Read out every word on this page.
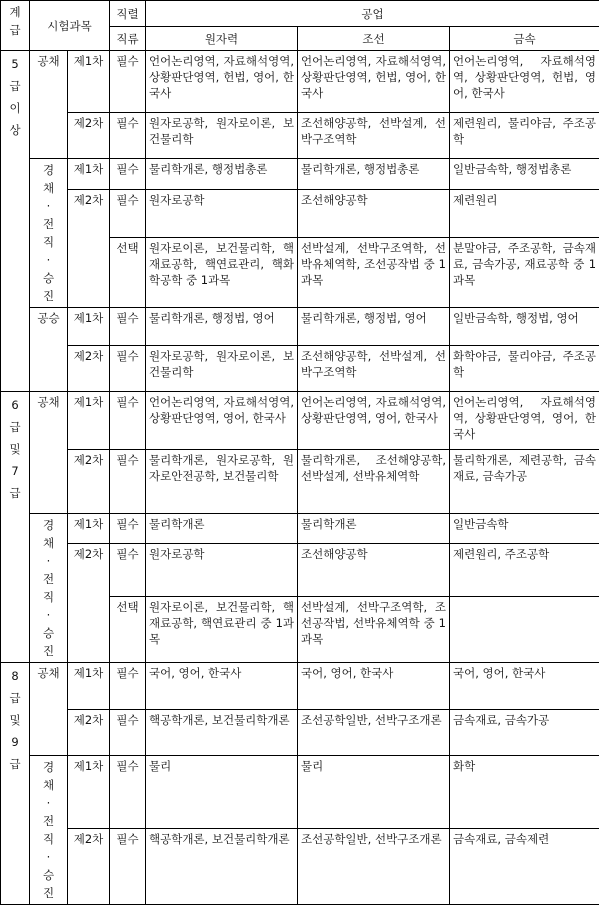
계급	시험과목		직렬	공업		
			직류	원자력	조선	금속
5급이상	공채	제1차	필수	언어논리영역, 자료해석영역, 상황판단영역, 헌법, 영어, 한국사	언어논리영역, 자료해석영역, 상황판단영역, 헌법, 영어, 한국사	언어논리영역, 자료해석영역, 상황판단영역, 헌법, 영어, 한국사
		제2차	필수	원자로공학, 원자로이론, 보건물리학	조선해양공학, 선박설계, 선박구조역학	제련원리, 물리야금, 주조공학
	경채·전직·승진	제1차	필수	물리학개론, 행정법총론	물리학개론, 행정법총론	일반금속학, 행정법총론
		제2차	필수	원자로공학	조선해양공학	제련원리
			선택	원자로이론, 보건물리학, 핵재료공학, 핵연료관리, 핵화학공학 중 1과목	선박설계, 선박구조역학, 선박유체역학, 조선공작법 중 1과목	분말야금, 주조공학, 금속재료, 금속가공, 재료공학 중 1과목
	공승	제1차	필수	물리학개론, 행정법, 영어	물리학개론, 행정법, 영어	일반금속학, 행정법, 영어
		제2차	필수	원자로공학, 원자로이론, 보건물리학	조선해양공학, 선박설계, 선박구조역학	화학야금, 물리야금, 주조공학
6급및7급	공채	제1차	필수	언어논리영역, 자료해석영역, 상황판단영역, 영어, 한국사	언어논리영역, 자료해석영역, 상황판단영역, 영어, 한국사	언어논리영역, 자료해석영역, 상황판단영역, 영어, 한국사
		제2차	필수	물리학개론, 원자로공학, 원자로안전공학, 보건물리학	물리학개론, 조선해양공학, 선박설계, 선박유체역학	물리학개론, 제련공학, 금속재료, 금속가공
	경채·전직·승진	제1차	필수	물리학개론	물리학개론	일반금속학
		제2차	필수	원자로공학	조선해양공학	제련원리, 주조공학
			선택	원자로이론, 보건물리학, 핵재료공학, 핵연료관리 중 1과목	선박설계, 선박구조역학, 조선공작법, 선박유체역학 중 1과목	
8급및9급	공채	제1차	필수	국어, 영어, 한국사	국어, 영어, 한국사	국어, 영어, 한국사
		제2차	필수	핵공학개론, 보건물리학개론	조선공학일반, 선박구조개론	금속재료, 금속가공
	경채·전직·승진	제1차	필수	물리	물리	화학
		제2차	필수	핵공학개론, 보건물리학개론	조선공학일반, 선박구조개론	금속재료, 금속제련
